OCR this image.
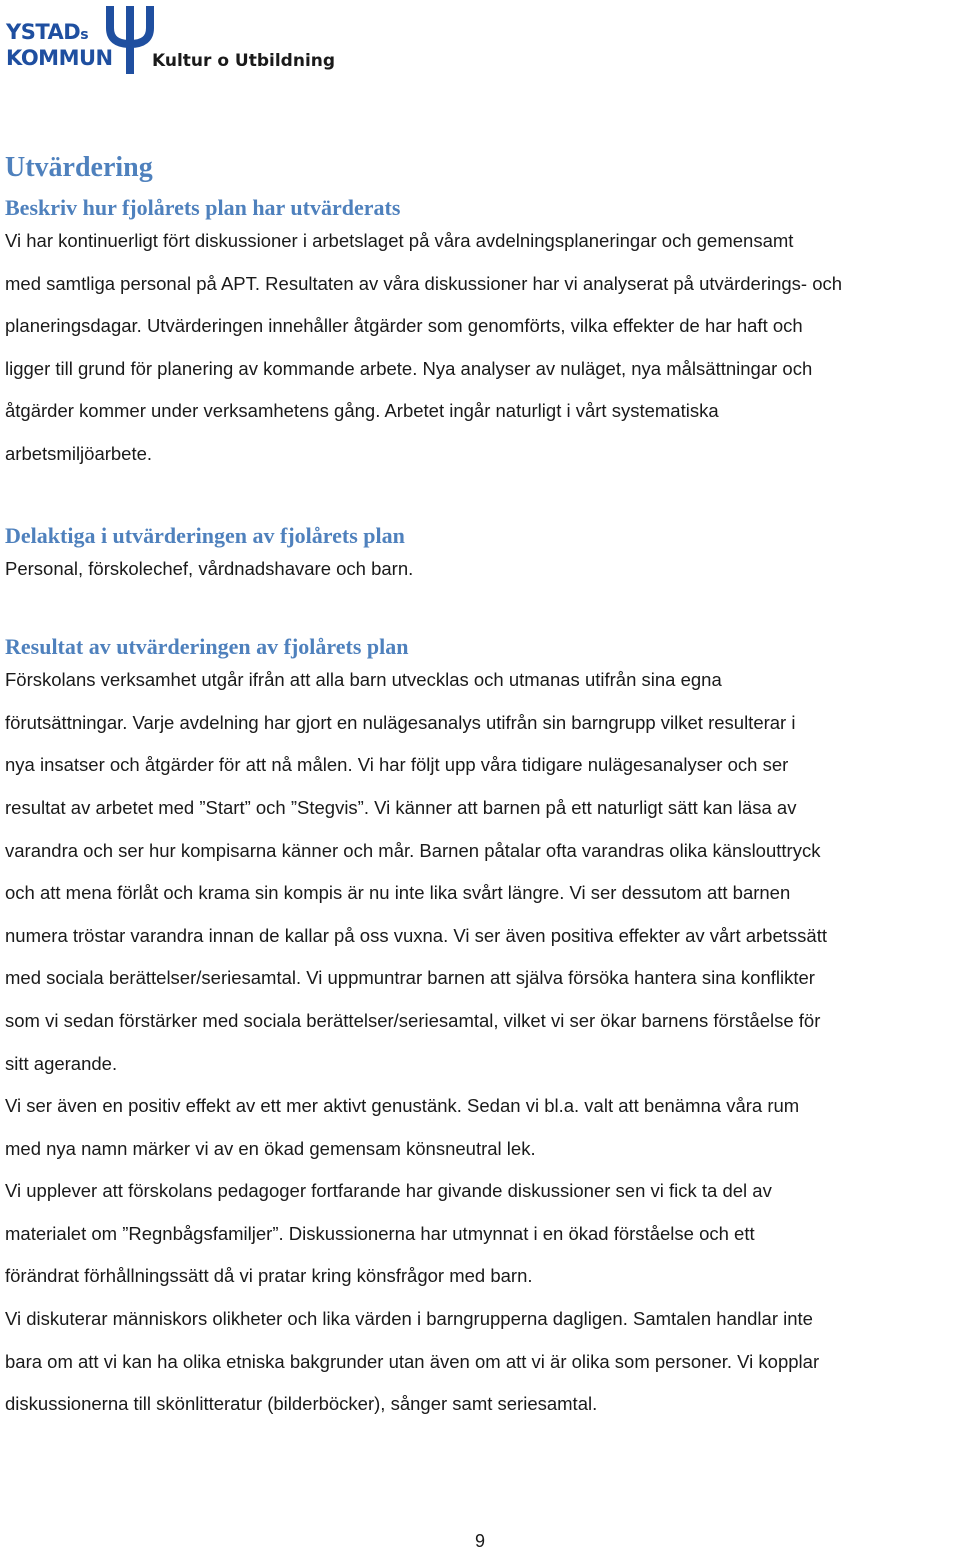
YSTADs
KOMMUN Kultur o Utbildning
Utvärdering
Beskriv hur fjolårets plan har utvärderats

Vi har kontinuerligt fört diskussioner i arbetslaget på våra avdelningsplaneringar och gemensamt

med samtliga personal på APT. Resultaten av våra diskussioner har vi analyserat på utvärderings- och

planeringsdagar. Utvärderingen innehåller åtgärder som genomförts, vilka effekter de har haft och

ligger till grund för planering av kommande arbete. Nya analyser av nuläget, nya målsättningar och

åtgärder kommer under verksamhetens gång. Arbetet ingår naturligt i vårt systematiska

arbetsmiljöarbete.

Delaktiga i utvärderingen av fjolårets plan

Personal, förskolechef, vårdnadshavare och barn.

Resultat av utvärderingen av fjolårets plan

Förskolans verksamhet utgår ifrån att alla barn utvecklas och utmanas utifrån sina egna

förutsättningar. Varje avdelning har gjort en nulägesanalys utifrån sin barngrupp vilket resulterar i

nya insatser och åtgärder för att nå målen. Vi har följt upp våra tidigare nulägesanalyser och ser

resultat av arbetet med ”Start” och ”Stegvis”. Vi känner att barnen på ett naturligt sätt kan läsa av

varandra och ser hur kompisarna känner och mår. Barnen påtalar ofta varandras olika känslouttryck

och att mena förlåt och krama sin kompis är nu inte lika svårt längre. Vi ser dessutom att barnen

numera tröstar varandra innan de kallar på oss vuxna. Vi ser även positiva effekter av vårt arbetssätt

med sociala berättelser/seriesamtal. Vi uppmuntrar barnen att själva försöka hantera sina konflikter

som vi sedan förstärker med sociala berättelser/seriesamtal, vilket vi ser ökar barnens förståelse för

sitt agerande.

Vi ser även en positiv effekt av ett mer aktivt genustänk. Sedan vi bl.a. valt att benämna våra rum

med nya namn märker vi av en ökad gemensam könsneutral lek.

Vi upplever att förskolans pedagoger fortfarande har givande diskussioner sen vi fick ta del av

materialet om ”Regnbågsfamiljer”. Diskussionerna har utmynnat i en ökad förståelse och ett

förändrat förhållningssätt då vi pratar kring könsfrågor med barn.

Vi diskuterar människors olikheter och lika värden i barngrupperna dagligen. Samtalen handlar inte

bara om att vi kan ha olika etniska bakgrunder utan även om att vi är olika som personer. Vi kopplar

diskussionerna till skönlitteratur (bilderböcker), sånger samt seriesamtal.

9
